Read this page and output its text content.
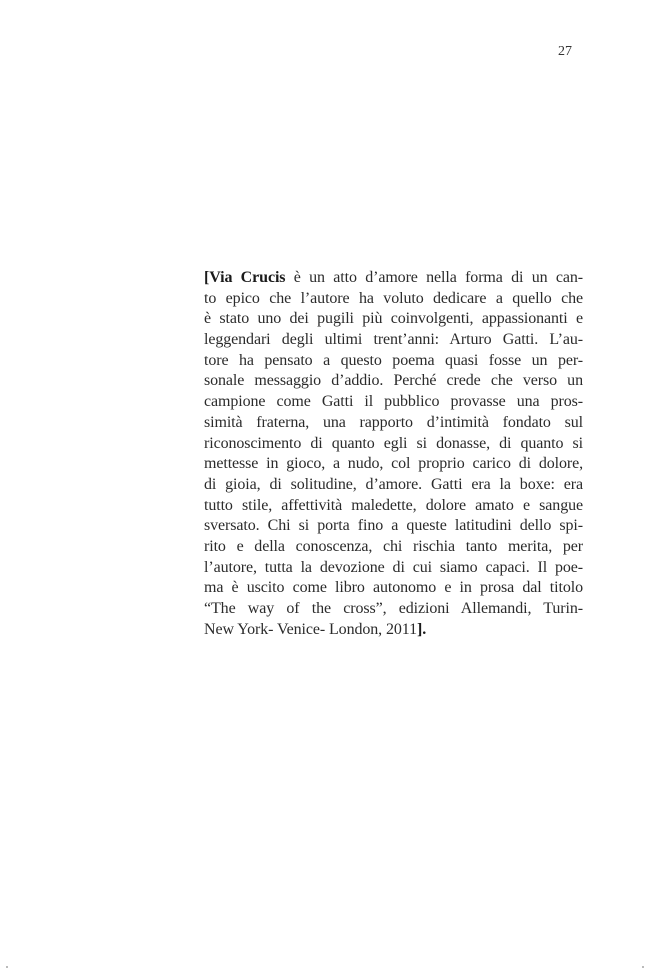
27
[Via Crucis è un atto d’amore nella forma di un can-
to epico che l’autore ha voluto dedicare a quello che
è stato uno dei pugili più coinvolgenti, appassionanti e
leggendari degli ultimi trent’anni: Arturo Gatti. L’au-
tore ha pensato a questo poema quasi fosse un per-
sonale messaggio d’addio. Perché crede che verso un
campione come Gatti il pubblico provasse una pros-
simità fraterna, una rapporto d’intimità fondato sul
riconoscimento di quanto egli si donasse, di quanto si
mettesse in gioco, a nudo, col proprio carico di dolore,
di gioia, di solitudine, d’amore. Gatti era la boxe: era
tutto stile, affettività maledette, dolore amato e sangue
sversato. Chi si porta fino a queste latitudini dello spi-
rito e della conoscenza, chi rischia tanto merita, per
l’autore, tutta la devozione di cui siamo capaci. Il poe-
ma è uscito come libro autonomo e in prosa dal titolo
“The way of the cross”, edizioni Allemandi, Turin-
New York- Venice- London, 2011].
